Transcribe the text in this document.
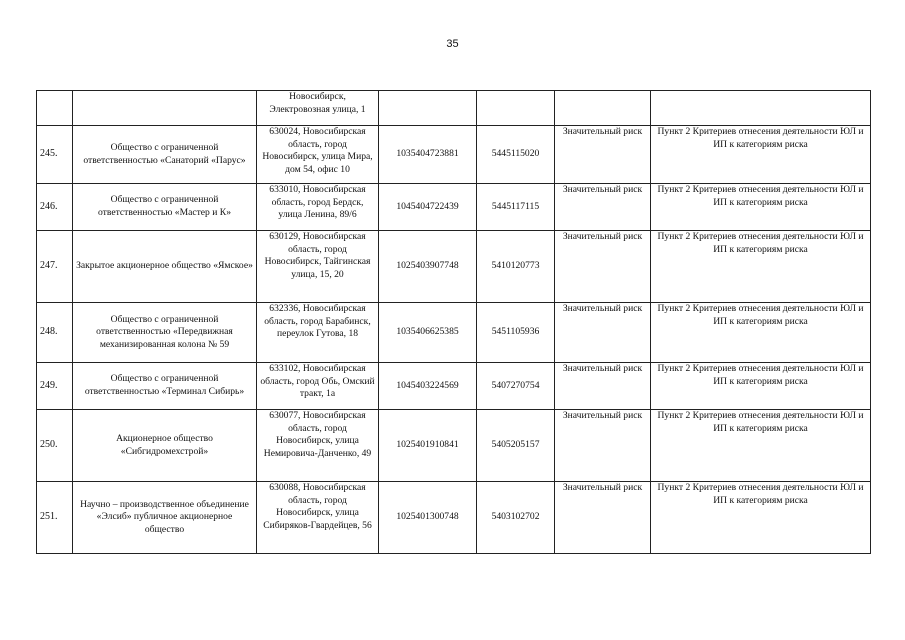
35
		Новосибирск, Электровозная улица, 1				
245.	Общество с ограниченной ответственностью «Санаторий «Парус»	630024, Новосибирская область, город Новосибирск, улица Мира, дом 54, офис 10	1035404723881	5445115020	Значительный риск	Пункт 2 Критериев отнесения деятельности ЮЛ и ИП к категориям риска
246.	Общество с ограниченной ответственностью «Мастер и К»	633010, Новосибирская область, город Бердск, улица Ленина, 89/6	1045404722439	5445117115	Значительный риск	Пункт 2 Критериев отнесения деятельности ЮЛ и ИП к категориям риска
247.	Закрытое акционерное общество «Ямское»	630129, Новосибирская область, город Новосибирск, Тайгинская улица, 15, 20	1025403907748	5410120773	Значительный риск	Пункт 2 Критериев отнесения деятельности ЮЛ и ИП к категориям риска
248.	Общество с ограниченной ответственностью «Передвижная механизированная колона № 59	632336, Новосибирская область, город Барабинск, переулок Гутова, 18	1035406625385	5451105936	Значительный риск	Пункт 2 Критериев отнесения деятельности ЮЛ и ИП к категориям риска
249.	Общество с ограниченной ответственностью «Терминал Сибирь»	633102, Новосибирская область, город Обь, Омский тракт, 1а	1045403224569	5407270754	Значительный риск	Пункт 2 Критериев отнесения деятельности ЮЛ и ИП к категориям риска
250.	Акционерное общество «Сибгидромехстрой»	630077, Новосибирская область, город Новосибирск, улица Немировича-Данченко, 49	1025401910841	5405205157	Значительный риск	Пункт 2 Критериев отнесения деятельности ЮЛ и ИП к категориям риска
251.	Научно – производственное объединение «Элсиб» публичное акционерное общество	630088, Новосибирская область, город Новосибирск, улица Сибиряков-Гвардейцев, 56	1025401300748	5403102702	Значительный риск	Пункт 2 Критериев отнесения деятельности ЮЛ и ИП к категориям риска
